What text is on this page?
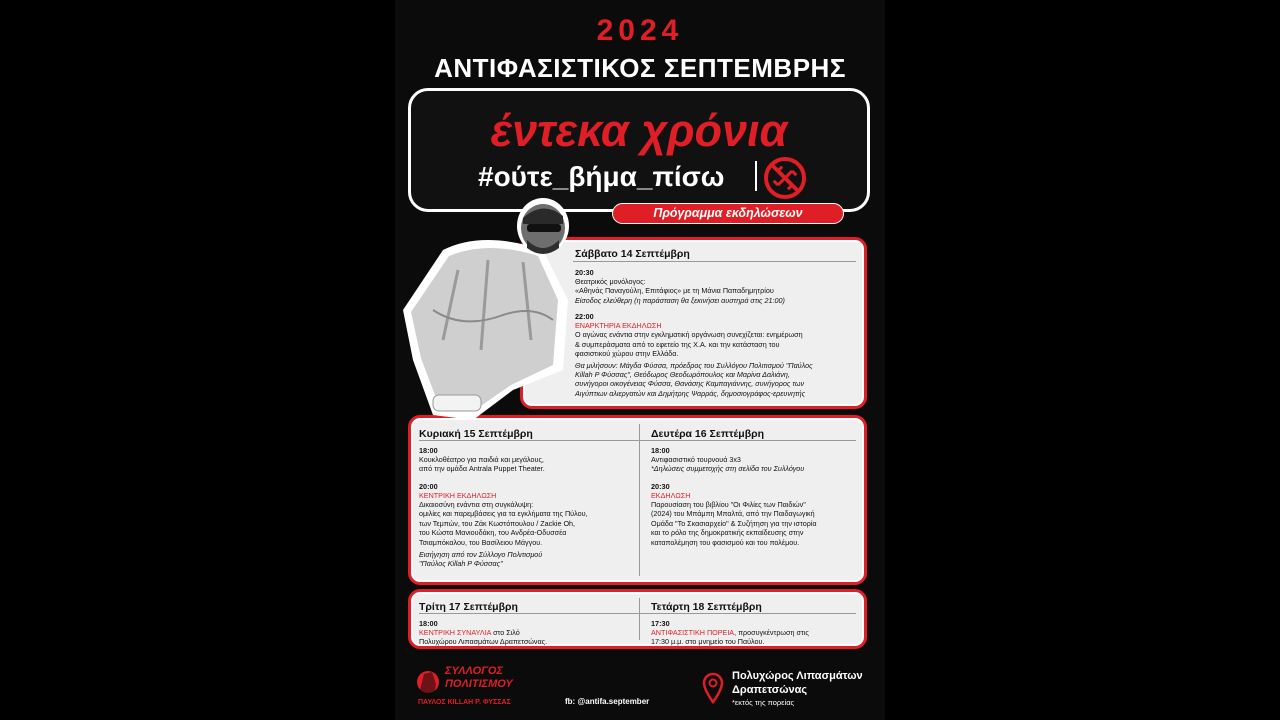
2024
ΑΝΤΙΦΑΣΙΣΤΙΚΟΣ ΣΕΠΤΕΜΒΡΗΣ
έντεκα χρόνια
#ούτε_βήμα_πίσω
Πρόγραμμα εκδηλώσεων
Σάββατο 14 Σεπτέμβρη
20:30
Θεατρικός μονόλογος:
«Αθηνάς Παναγούλη, Επιτάφιος» με τη Μάνια Παπαδημητρίου
Είσοδος ελεύθερη (η παράσταση θα ξεκινήσει αυστηρά στις 21:00)
22:00
ΕΝΑΡΚΤΗΡΙΑ ΕΚΔΗΛΩΣΗ
Ο αγώνας ενάντια στην εγκληματική οργάνωση συνεχίζεται: ενημέρωση
& συμπεράσματα από το εφετείο της Χ.Α. και την κατάσταση του
φασιστικού χώρου στην Ελλάδα.
Θα μιλήσουν: Μάγδα Φύσσα, πρόεδρος του Συλλόγου Πολιτισμού "Παύλος
Killah P Φύσσας", Θεόδωρος Θεοδωρόπουλος και Μαρίνα Δαλιάνη,
συνήγοροι οικογένειας Φύσσα, Θανάσης Καμπαγιάννης, συνήγορος των
Αιγύπτιων αλιεργατών και Δημήτρης Ψαρράς, δημοσιογράφος-ερευνητής
Κυριακή 15 Σεπτέμβρη
18:00
Κουκλοθέατρο για παιδιά και μεγάλους,
από την ομάδα Antrala Puppet Theater.
20:00
ΚΕΝΤΡΙΚΗ ΕΚΔΗΛΩΣΗ
Δικαιοσύνη ενάντια στη συγκάλυψη:
ομιλίες και παρεμβάσεις για τα εγκλήματα της Πύλου,
των Τεμπών, του Ζάκ Κωστόπουλου / Zackie Oh,
του Κώστα Μανιουδάκη, του Ανδρέα-Οδυσσέα
Τσιαμπόκαλου, του Βασίλειου Μάγγου.
Εισήγηση από τον Σύλλογο Πολιτισμού
"Παύλος Killah P Φύσσας"
Δευτέρα 16 Σεπτέμβρη
18:00
Αντιφασιστικό τουρνουά 3x3
*Δηλώσεις συμμετοχής στη σελίδα του Συλλόγου
20:30
ΕΚΔΗΛΩΣΗ
Παρουσίαση του βιβλίου "Οι Φιλίες των Παιδιών"
(2024) του Μπάμπη Μπαλτά, από την Παιδαγωγική
Ομάδα "Το Σκασιαρχείο" & Συζήτηση για την ιστορία
και το ρόλο της δημοκρατικής εκπαίδευσης στην
καταπολέμηση του φασισμού και του πολέμου.
Τρίτη 17 Σεπτέμβρη
18:00
ΚΕΝΤΡΙΚΗ ΣΥΝΑΥΛΙΑ στο Σιλό
Πολυχώρου Λιπασμάτων Δραπετσώνας.
Τετάρτη 18 Σεπτέμβρη
17:30
ΑΝΤΙΦΑΣΙΣΤΙΚΗ ΠΟΡΕΙΑ, προσυγκέντρωση στις
17:30 μ.μ. στο μνημείο του Παύλου.
ΣΥΛΛΟΓΟΣ
ΠΟΛΙΤΙΣΜΟΥ
ΠΑΥΛΟΣ KILLAH P. ΦΥΣΣΑΣ	fb: @antifa.september
Πολυχώρος Λιπασμάτων
Δραπετσώνας
*εκτός της πορείας
